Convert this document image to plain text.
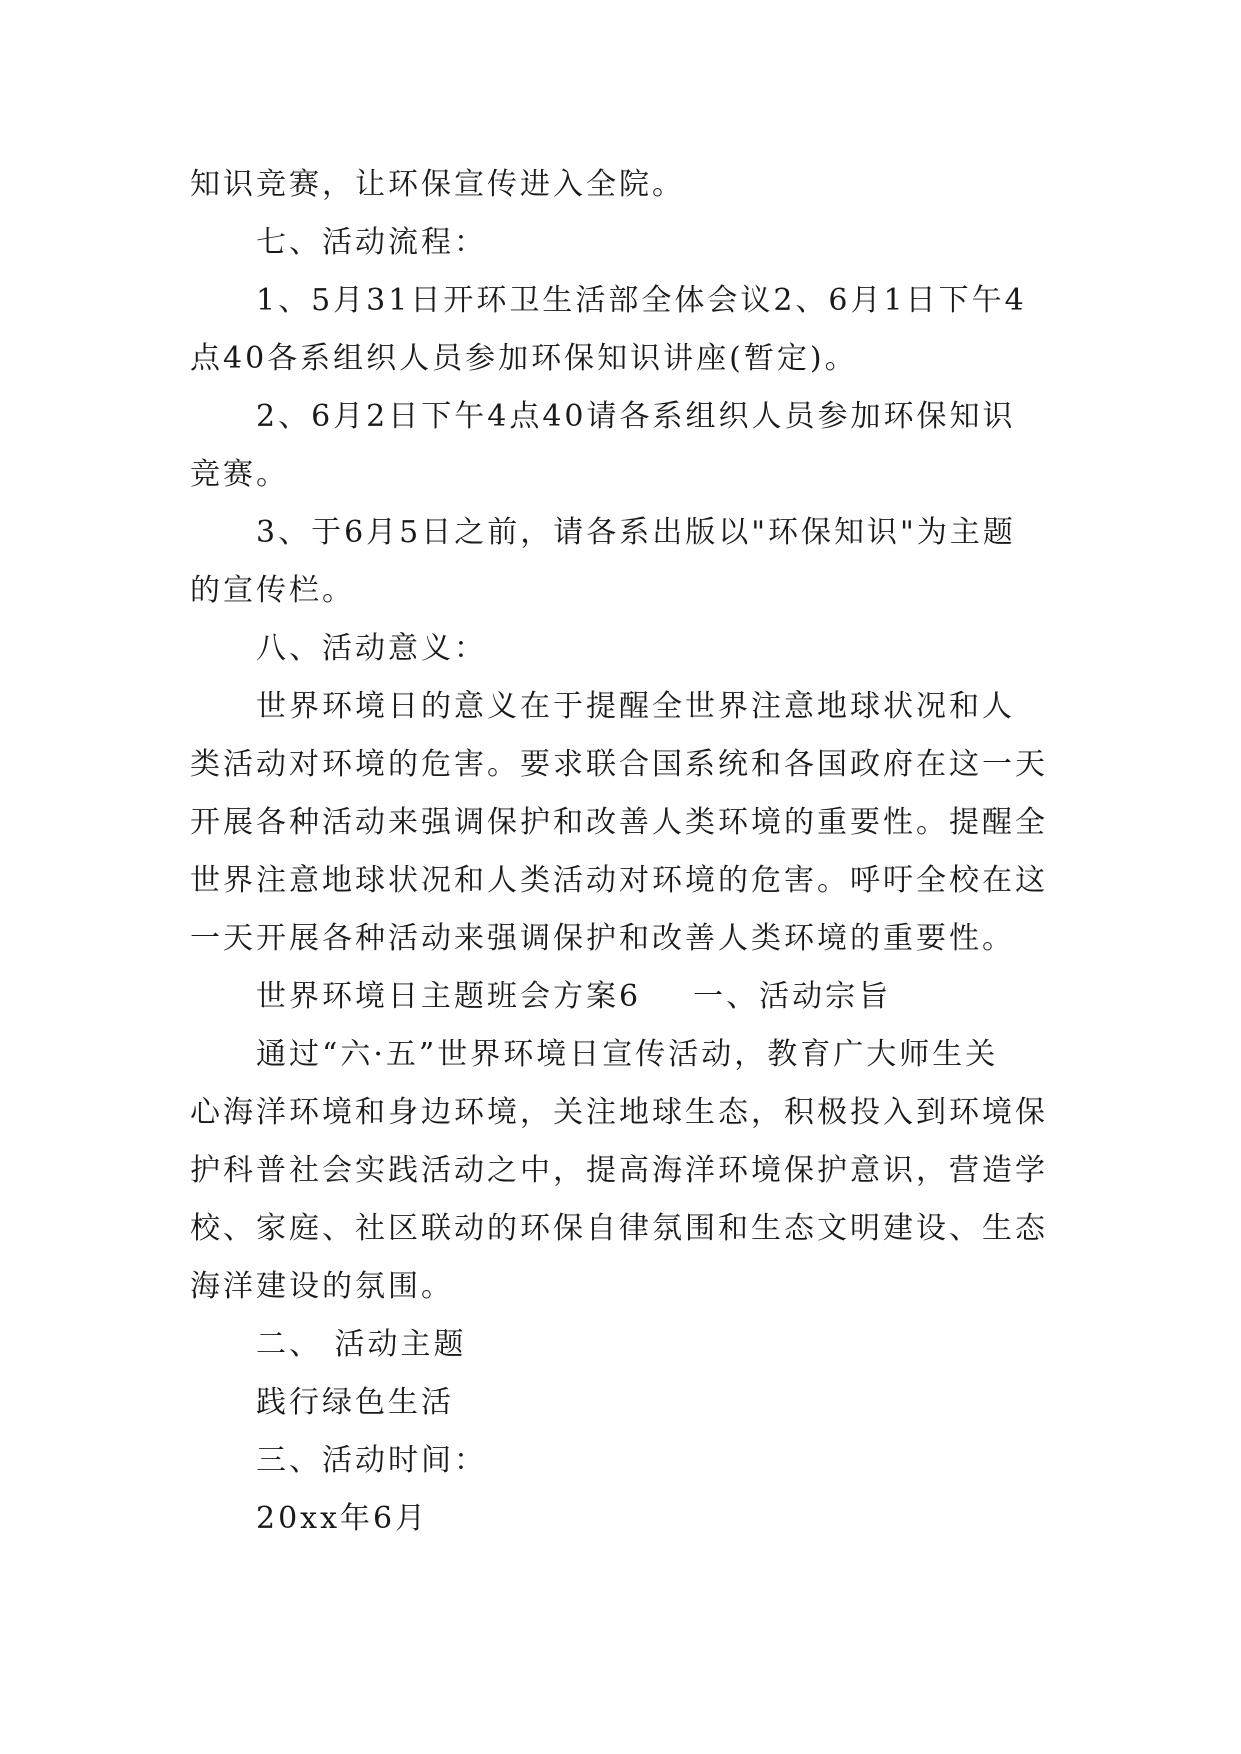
知识竞赛，让环保宣传进入全院。
七、活动流程：
1、5月31日开环卫生活部全体会议2、6月1日下午4
点40各系组织人员参加环保知识讲座(暂定)。
2、6月2日下午4点40请各系组织人员参加环保知识
竞赛。
3、于6月5日之前，请各系出版以"环保知识"为主题
的宣传栏。
八、活动意义：
世界环境日的意义在于提醒全世界注意地球状况和人
类活动对环境的危害。要求联合国系统和各国政府在这一天
开展各种活动来强调保护和改善人类环境的重要性。提醒全
世界注意地球状况和人类活动对环境的危害。呼吁全校在这
一天开展各种活动来强调保护和改善人类环境的重要性。
世界环境日主题班会方案6 一、活动宗旨
通过“六·五”世界环境日宣传活动，教育广大师生关
心海洋环境和身边环境，关注地球生态，积极投入到环境保
护科普社会实践活动之中，提高海洋环境保护意识，营造学
校、家庭、社区联动的环保自律氛围和生态文明建设、生态
海洋建设的氛围。
二、 活动主题
践行绿色生活
三、活动时间：
20xx年6月
